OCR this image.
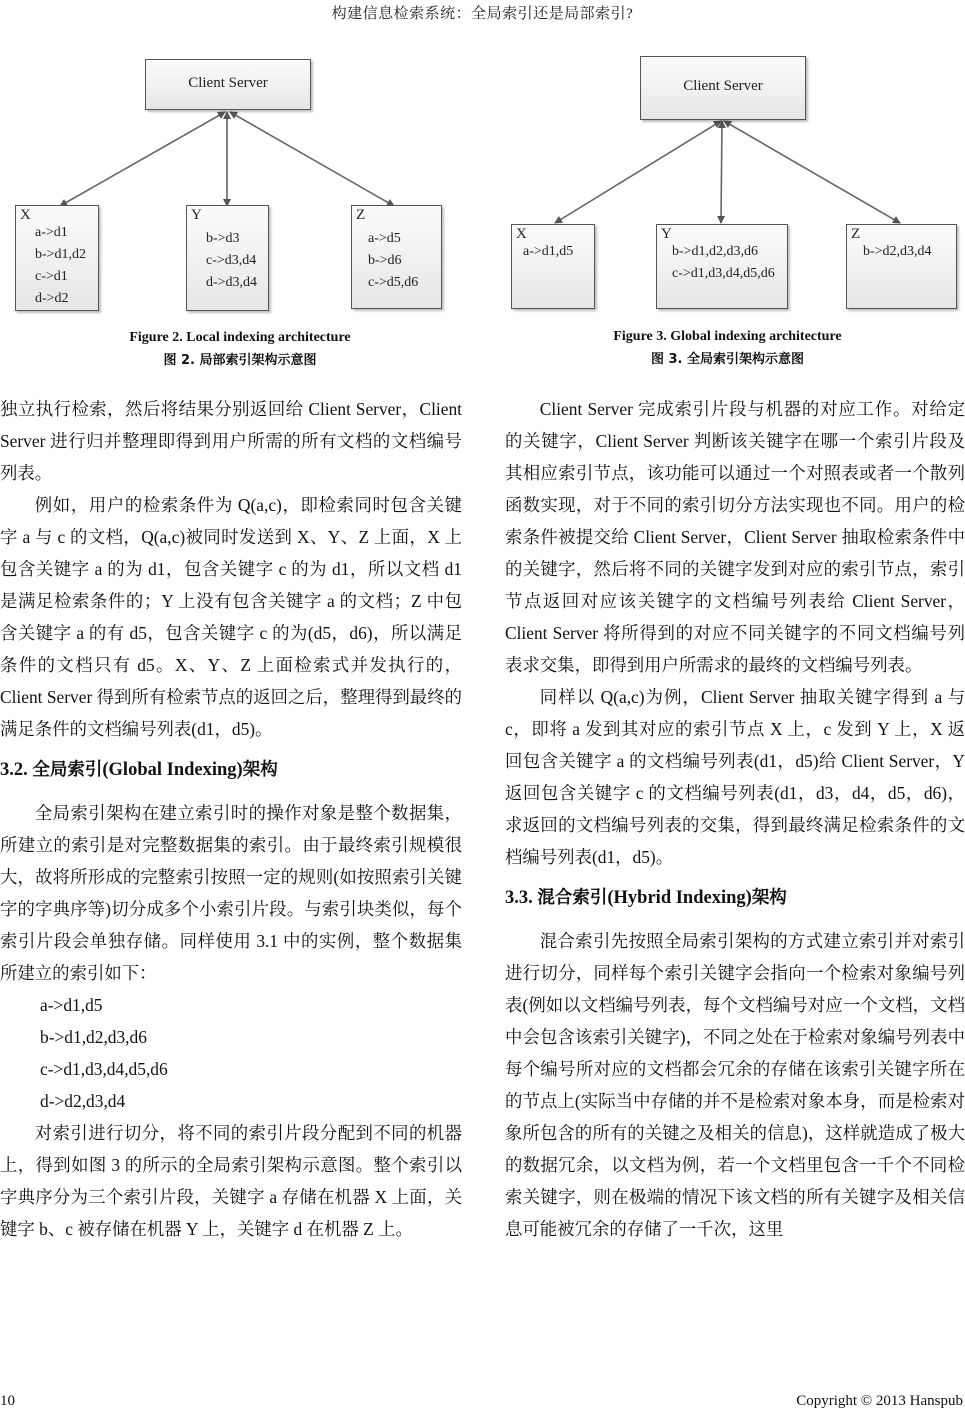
构建信息检索系统：全局索引还是局部索引?
Client Server
X
a->d1
b->d1,d2
c->d1
d->d2
Y
b->d3
c->d3,d4
d->d3,d4
Z
a->d5
b->d6
c->d5,d6
Figure 2. Local indexing architecture
图 2. 局部索引架构示意图
Client Server
X
a->d1,d5
Y
b->d1,d2,d3,d6
c->d1,d3,d4,d5,d6
Z
b->d2,d3,d4
Figure 3. Global indexing architecture
图 3. 全局索引架构示意图

独立执行检索，然后将结果分别返回给 Client Server，Client Server 进行归并整理即得到用户所需的所有文档的文档编号列表。

例如，用户的检索条件为 Q(a,c)，即检索同时包含关键字 a 与 c 的文档，Q(a,c)被同时发送到 X、Y、Z 上面，X 上包含关键字 a 的为 d1，包含关键字 c 的为 d1，所以文档 d1 是满足检索条件的；Y 上没有包含关键字 a 的文档；Z 中包含关键字 a 的有 d5，包含关键字 c 的为(d5，d6)，所以满足条件的文档只有 d5。X、Y、Z 上面检索式并发执行的，Client Server 得到所有检索节点的返回之后，整理得到最终的满足条件的文档编号列表(d1，d5)。

3.2. 全局索引(Global Indexing)架构

全局索引架构在建立索引时的操作对象是整个数据集，所建立的索引是对完整数据集的索引。由于最终索引规模很大，故将所形成的完整索引按照一定的规则(如按照索引关键字的字典序等)切分成多个小索引片段。与索引块类似，每个索引片段会单独存储。同样使用 3.1 中的实例，整个数据集所建立的索引如下：

a->d1,d5

b->d1,d2,d3,d6

c->d1,d3,d4,d5,d6

d->d2,d3,d4

对索引进行切分，将不同的索引片段分配到不同的机器上，得到如图 3 的所示的全局索引架构示意图。整个索引以字典序分为三个索引片段，关键字 a 存储在机器 X 上面，关键字 b、c 被存储在机器 Y 上，关键字 d 在机器 Z 上。

Client Server 完成索引片段与机器的对应工作。对给定的关键字，Client Server 判断该关键字在哪一个索引片段及其相应索引节点，该功能可以通过一个对照表或者一个散列函数实现，对于不同的索引切分方法实现也不同。用户的检索条件被提交给 Client Server，Client Server 抽取检索条件中的关键字，然后将不同的关键字发到对应的索引节点，索引节点返回对应该关键字的文档编号列表给 Client Server，Client Server 将所得到的对应不同关键字的不同文档编号列表求交集，即得到用户所需求的最终的文档编号列表。

同样以 Q(a,c)为例，Client Server 抽取关键字得到 a 与 c，即将 a 发到其对应的索引节点 X 上，c 发到 Y 上，X 返回包含关键字 a 的文档编号列表(d1，d5)给 Client Server，Y 返回包含关键字 c 的文档编号列表(d1，d3，d4，d5，d6)，求返回的文档编号列表的交集，得到最终满足检索条件的文档编号列表(d1，d5)。

3.3. 混合索引(Hybrid Indexing)架构

混合索引先按照全局索引架构的方式建立索引并对索引进行切分，同样每个索引关键字会指向一个检索对象编号列表(例如以文档编号列表，每个文档编号对应一个文档，文档中会包含该索引关键字)，不同之处在于检索对象编号列表中每个编号所对应的文档都会冗余的存储在该索引关键字所在的节点上(实际当中存储的并不是检索对象本身，而是检索对象所包含的所有的关键之及相关的信息)，这样就造成了极大的数据冗余，以文档为例，若一个文档里包含一千个不同检索关键字，则在极端的情况下该文档的所有关键字及相关信息可能被冗余的存储了一千次，这里

10	Copyright © 2013 Hanspub
